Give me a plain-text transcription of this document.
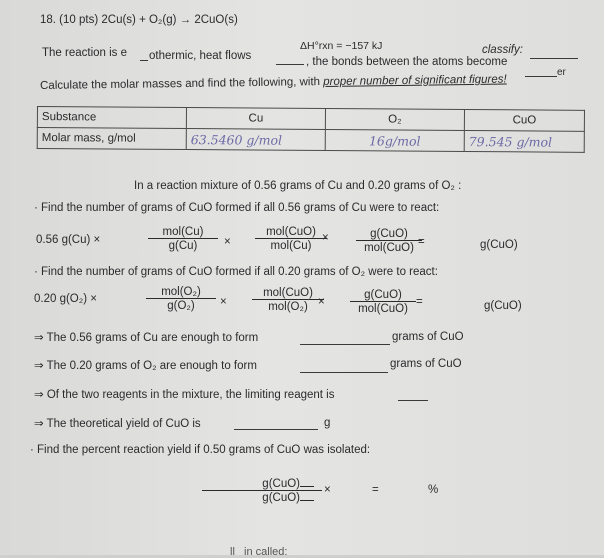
18. (10 pts) 2Cu(s) + O₂(g) → 2CuO(s)
ΔH°rxn = −157 kJ	classify:
The reaction is e othermic, heat flows	, the bonds between the atoms become
er
Calculate the molar masses and find the following, with proper number of significant figures!
Substance	Cu	O₂	CuO
Molar mass, g/mol	63.5460 g/mol	16g/mol	79.545 g/mol
In a reaction mixture of 0.56 grams of Cu and 0.20 grams of O₂ :
· Find the number of grams of CuO formed if all 0.56 grams of Cu were to react:
0.56 g(Cu) ×
mol(Cu)
g(Cu)	×
mol(CuO)
mol(Cu)
×	g(CuO)
mol(CuO) =	g(CuO)
· Find the number of grams of CuO formed if all 0.20 grams of O₂ were to react:
0.20 g(O₂) ×
mol(O₂)
g(O₂)	×
mol(CuO)
mol(O₂) ×
g(CuO)
mol(CuO)
=	g(CuO)
⇒ The 0.56 grams of Cu are enough to form	grams of CuO
⇒ The 0.20 grams of O₂ are enough to form	grams of CuO
⇒ Of the two reagents in the mixture, the limiting reagent is
⇒ The theoretical yield of CuO is	g
· Find the percent reaction yield if 0.50 grams of CuO was isolated:
g(CuO)
g(CuO)
×	=	%
ll   in called:
